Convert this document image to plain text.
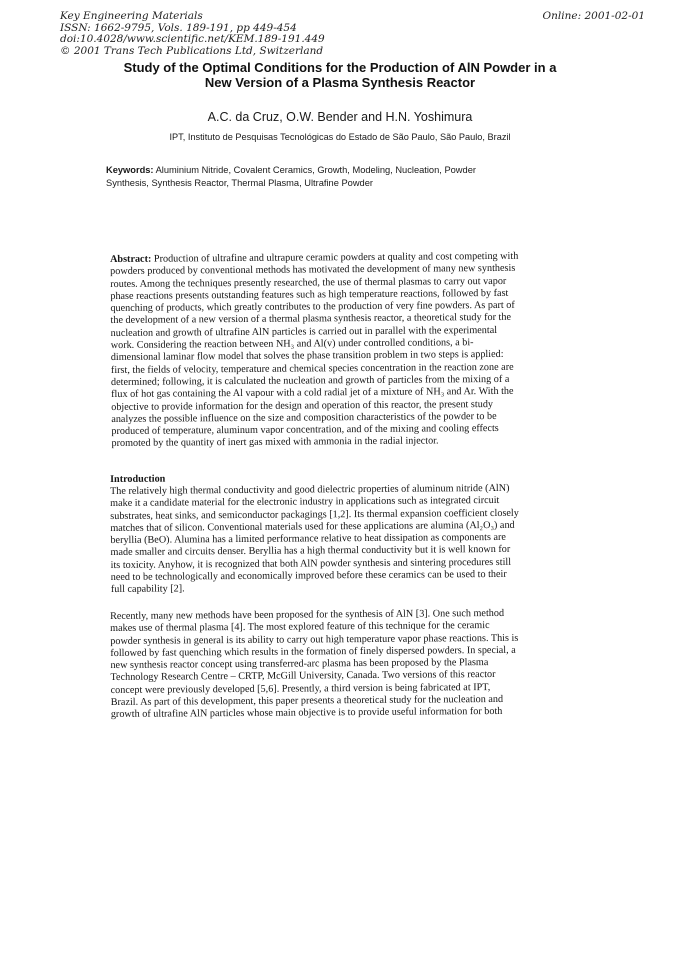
Key Engineering Materials
ISSN: 1662-9795, Vols. 189-191, pp 449-454
doi:10.4028/www.scientific.net/KEM.189-191.449
© 2001 Trans Tech Publications Ltd, Switzerland
Online: 2001-02-01
Study of the Optimal Conditions for the Production of AlN Powder in a
New Version of a Plasma Synthesis Reactor
A.C. da Cruz, O.W. Bender and H.N. Yoshimura
IPT, Instituto de Pesquisas Tecnológicas do Estado de São Paulo, São Paulo, Brazil
Keywords: Aluminium Nitride, Covalent Ceramics, Growth, Modeling, Nucleation, Powder
Synthesis, Synthesis Reactor, Thermal Plasma, Ultrafine Powder
Abstract: Production of ultrafine and ultrapure ceramic powders at quality and cost competing with
powders produced by conventional methods has motivated the development of many new synthesis
routes. Among the techniques presently researched, the use of thermal plasmas to carry out vapor
phase reactions presents outstanding features such as high temperature reactions, followed by fast
quenching of products, which greatly contributes to the production of very fine powders. As part of
the development of a new version of a thermal plasma synthesis reactor, a theoretical study for the
nucleation and growth of ultrafine AlN particles is carried out in parallel with the experimental
work. Considering the reaction between NH₃ and Al(v) under controlled conditions, a bi-
dimensional laminar flow model that solves the phase transition problem in two steps is applied:
first, the fields of velocity, temperature and chemical species concentration in the reaction zone are
determined; following, it is calculated the nucleation and growth of particles from the mixing of a
flux of hot gas containing the Al vapour with a cold radial jet of a mixture of NH₃ and Ar. With the
objective to provide information for the design and operation of this reactor, the present study
analyzes the possible influence on the size and composition characteristics of the powder to be
produced of temperature, aluminum vapor concentration, and of the mixing and cooling effects
promoted by the quantity of inert gas mixed with ammonia in the radial injector.
Introduction
The relatively high thermal conductivity and good dielectric properties of aluminum nitride (AlN)
make it a candidate material for the electronic industry in applications such as integrated circuit
substrates, heat sinks, and semiconductor packagings [1,2]. Its thermal expansion coefficient closely
matches that of silicon. Conventional materials used for these applications are alumina (Al₂O₃) and
beryllia (BeO). Alumina has a limited performance relative to heat dissipation as components are
made smaller and circuits denser. Beryllia has a high thermal conductivity but it is well known for
its toxicity. Anyhow, it is recognized that both AlN powder synthesis and sintering procedures still
need to be technologically and economically improved before these ceramics can be used to their
full capability [2].
Recently, many new methods have been proposed for the synthesis of AlN [3]. One such method
makes use of thermal plasma [4]. The most explored feature of this technique for the ceramic
powder synthesis in general is its ability to carry out high temperature vapor phase reactions. This is
followed by fast quenching which results in the formation of finely dispersed powders. In special, a
new synthesis reactor concept using transferred-arc plasma has been proposed by the Plasma
Technology Research Centre – CRTP, McGill University, Canada. Two versions of this reactor
concept were previously developed [5,6]. Presently, a third version is being fabricated at IPT,
Brazil. As part of this development, this paper presents a theoretical study for the nucleation and
growth of ultrafine AlN particles whose main objective is to provide useful information for both
